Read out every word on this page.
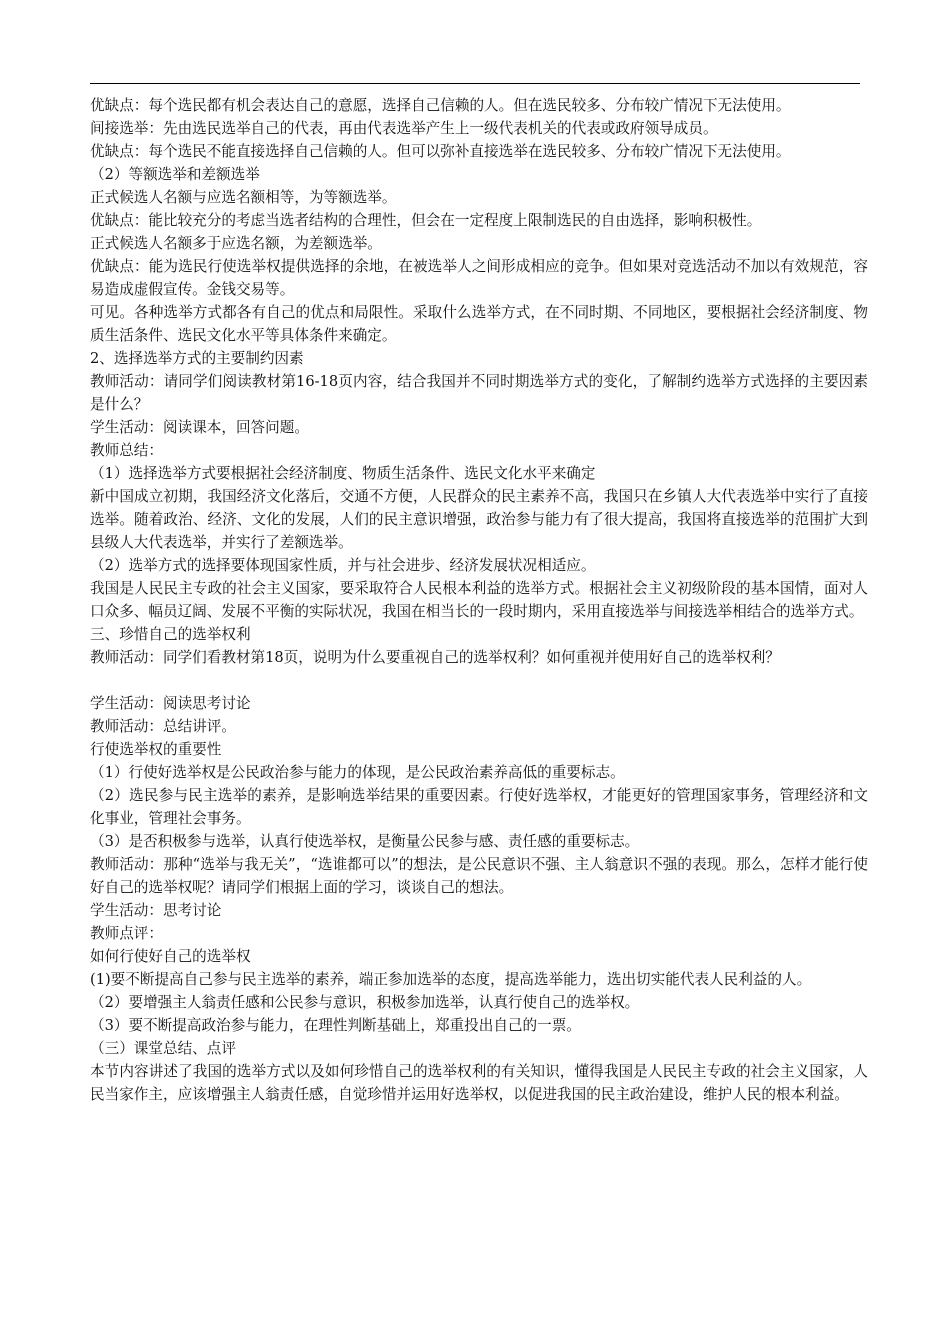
优缺点：每个选民都有机会表达自己的意愿，选择自己信赖的人。但在选民较多、分布较广情况下无法使用。

间接选举：先由选民选举自己的代表，再由代表选举产生上一级代表机关的代表或政府领导成员。

优缺点：每个选民不能直接选择自己信赖的人。但可以弥补直接选举在选民较多、分布较广情况下无法使用。

（2）等额选举和差额选举

正式候选人名额与应选名额相等，为等额选举。

优缺点：能比较充分的考虑当选者结构的合理性，但会在一定程度上限制选民的自由选择，影响积极性。

正式候选人名额多于应选名额，为差额选举。

优缺点：能为选民行使选举权提供选择的余地，在被选举人之间形成相应的竞争。但如果对竞选活动不加以有效规范，容易造成虚假宣传。金钱交易等。

可见。各种选举方式都各有自己的优点和局限性。采取什么选举方式，在不同时期、不同地区，要根据社会经济制度、物质生活条件、选民文化水平等具体条件来确定。

2、选择选举方式的主要制约因素

教师活动：请同学们阅读教材第16-18页内容，结合我国并不同时期选举方式的变化，了解制约选举方式选择的主要因素是什么？

学生活动：阅读课本，回答问题。

教师总结：

（1）选择选举方式要根据社会经济制度、物质生活条件、选民文化水平来确定

新中国成立初期，我国经济文化落后，交通不方便，人民群众的民主素养不高，我国只在乡镇人大代表选举中实行了直接选举。随着政治、经济、文化的发展，人们的民主意识增强，政治参与能力有了很大提高，我国将直接选举的范围扩大到县级人大代表选举，并实行了差额选举。

（2）选举方式的选择要体现国家性质，并与社会进步、经济发展状况相适应。

我国是人民民主专政的社会主义国家，要采取符合人民根本利益的选举方式。根据社会主义初级阶段的基本国情，面对人口众多、幅员辽阔、发展不平衡的实际状况，我国在相当长的一段时期内，采用直接选举与间接选举相结合的选举方式。

三、珍惜自己的选举权利

教师活动：同学们看教材第18页，说明为什么要重视自己的选举权利？如何重视并使用好自己的选举权利？

学生活动：阅读思考讨论

教师活动：总结讲评。

行使选举权的重要性

（1）行使好选举权是公民政治参与能力的体现，是公民政治素养高低的重要标志。

（2）选民参与民主选举的素养，是影响选举结果的重要因素。行使好选举权，才能更好的管理国家事务，管理经济和文化事业，管理社会事务。

（3）是否积极参与选举，认真行使选举权，是衡量公民参与感、责任感的重要标志。

教师活动：那种“选举与我无关”，“选谁都可以”的想法，是公民意识不强、主人翁意识不强的表现。那么，怎样才能行使好自己的选举权呢？请同学们根据上面的学习，谈谈自己的想法。

学生活动：思考讨论

教师点评：

如何行使好自己的选举权

(1)要不断提高自己参与民主选举的素养，端正参加选举的态度，提高选举能力，选出切实能代表人民利益的人。

（2）要增强主人翁责任感和公民参与意识，积极参加选举，认真行使自己的选举权。

（3）要不断提高政治参与能力，在理性判断基础上，郑重投出自己的一票。

（三）课堂总结、点评

本节内容讲述了我国的选举方式以及如何珍惜自己的选举权利的有关知识，懂得我国是人民民主专政的社会主义国家，人民当家作主，应该增强主人翁责任感，自觉珍惜并运用好选举权，以促进我国的民主政治建设，维护人民的根本利益。
